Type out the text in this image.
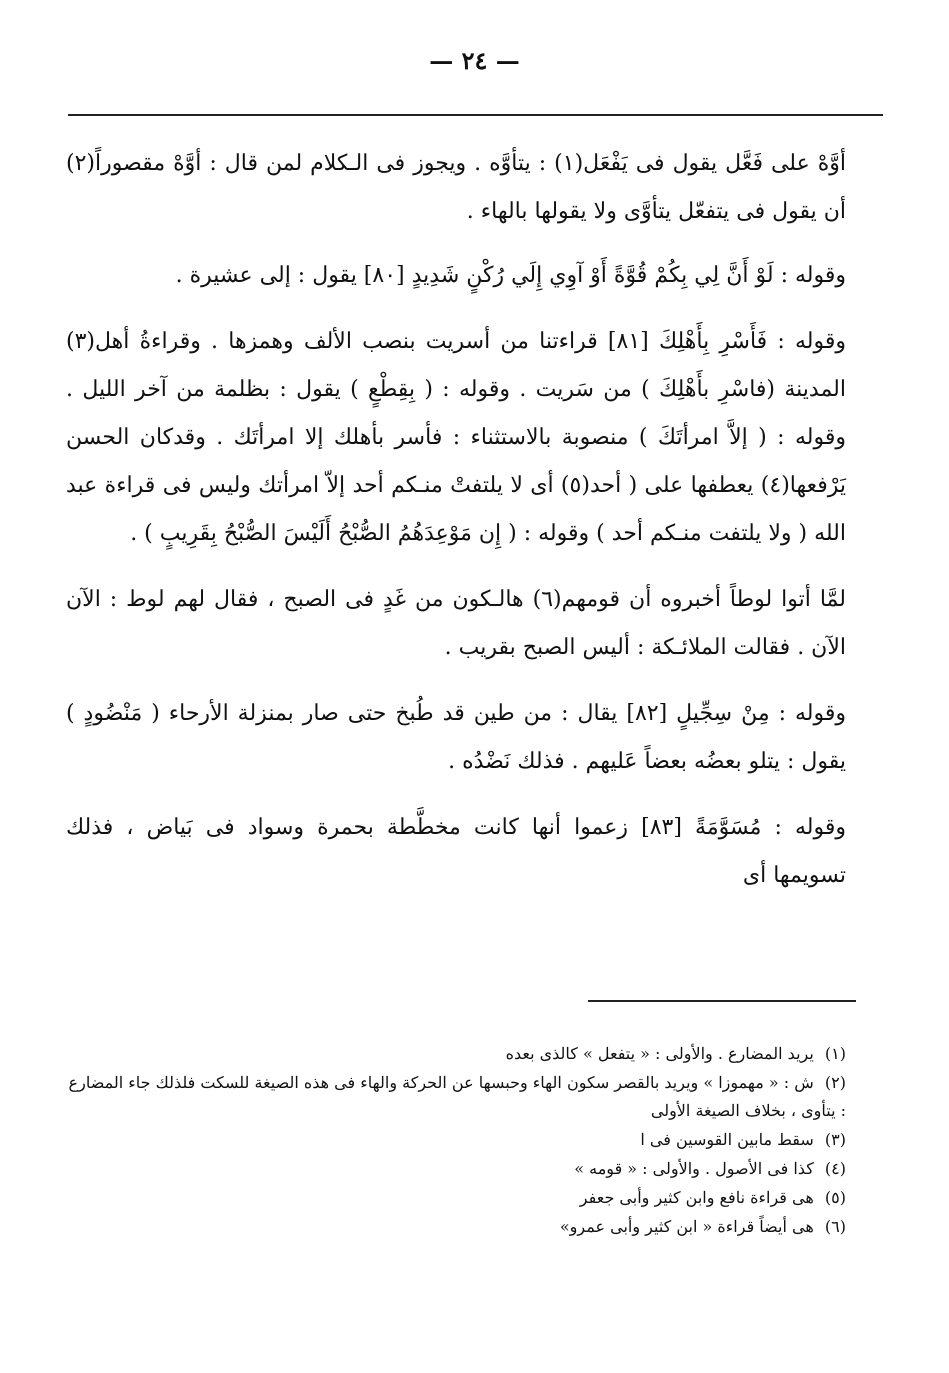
— ٢٤ —

أوَّهْ على فَعَّل يقول فى يَفْعَل(١) : يتأوَّه . ويجوز فى الـكلام لمن قال : أوَّهْ مقصوراً(٢) أن يقول فى يتفعّل يتأوَّى ولا يقولها بالهاء .

وقوله : لَوْ أَنَّ لِي بِكُمْ قُوَّةً أَوْ آوِي إِلَي رُكْنٍ شَدِيدٍ [٨٠] يقول : إلى عشيرة .

وقوله : فَأَسْرِ بِأَهْلِكَ [٨١] قراءتنا من أسريت بنصب الألف وهمزها . وقراءةُ أهل(٣) المدينة (فاسْرِ بأَهْلِكَ ) من سَريت . وقوله : ( بِقِطْعٍ ) يقول : بظلمة من آخر الليل . وقوله : ( إلاَّ امرأتَكَ ) منصوبة بالاستثناء : فأسر بأهلك إلا امرأتَك . وقدكان الحسن يَرْفعها(٤) يعطفها على ( أحد(٥) أى لا يلتفتْ منـكم أحد إلاّ امرأتك وليس فى قراءة عبد الله ( ولا يلتفت منـكم أحد ) وقوله : ( إِن مَوْعِدَهُمُ الصُّبْحُ أَلَيْسَ الصُّبْحُ بِقَرِيبٍ ) .

لمَّا أتوا لوطاً أخبروه أن قومهم(٦) هالـكون من غَدٍ فى الصبح ، فقال لهم لوط : الآن الآن . فقالت الملائـكة : أليس الصبح بقريب .

وقوله : مِنْ سِجِّيلٍ [٨٢] يقال : من طين قد طُبخ حتى صار بمنزلة الأرحاء ( مَنْضُودٍ ) يقول : يتلو بعضُه بعضاً عَليهم . فذلك نَضْدُه .

وقوله : مُسَوَّمَةً [٨٣] زعموا أنها كانت مخطَّطة بحمرة وسواد فى بَياض ، فذلك تسويمها أى

(١) يريد المضارع . والأولى : « يتفعل » كالذى بعده
(٢) ش : « مهموزا » ويريد بالقصر سكون الهاء وحبسها عن الحركة والهاء فى هذه الصيغة للسكت فلذلك جاء المضارع : يتأوى ، بخلاف الصيغة الأولى
(٣) سقط مابين القوسين فى ا
(٤) كذا فى الأصول . والأولى : « قومه »
(٥) هى قراءة نافع وابن كثير وأبى جعفر
(٦) هى أيضاً قراءة « ابن كثير وأبى عمرو»
